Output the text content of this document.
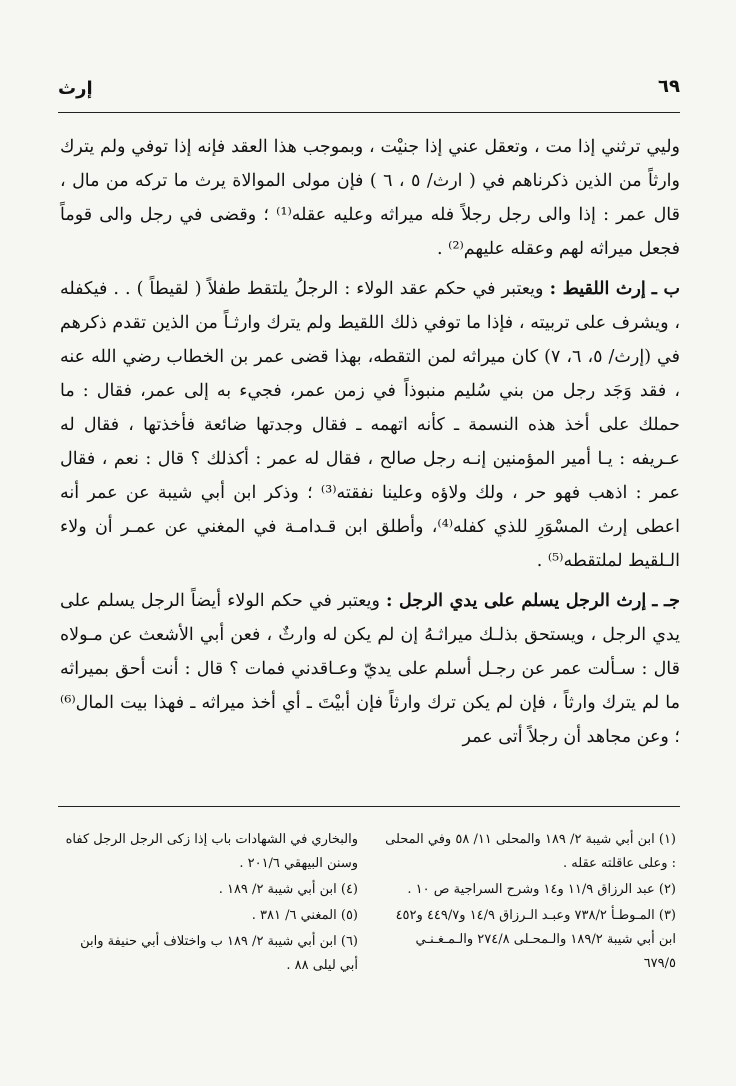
إرث	٦٩

وليي ترثني إذا مت ، وتعقل عني إذا جنيْت ، وبموجب هذا العقد فإنه إذا توفي ولم يترك وارثاً من الذين ذكرناهم في ( ارث/ ٥ ، ٦ ) فإن مولى الموالاة يرث ما تركه من مال ، قال عمر : إذا والى رجل رجلاً فله ميراثه وعليه عقله⁽¹⁾ ؛ وقضى في رجل والى قوماً فجعل ميراثه لهم وعقله عليهم⁽²⁾ .

ب ـ إرث اللقيط : ويعتبر في حكم عقد الولاء : الرجلُ يلتقط طفلاً ( لقيطاً ) . . فيكفله ، ويشرف على تربيته ، فإذا ما توفي ذلك اللقيط ولم يترك وارثـاً من الذين تقدم ذكرهم في (إرث/ ٥، ٦، ٧) كان ميراثه لمن التقطه، بهذا قضى عمر بن الخطاب رضي الله عنه ، فقد وَجَد رجل من بني سُليم منبوذاً في زمن عمر، فجيء به إلى عمر، فقال : ما حملك على أخذ هذه النسمة ـ كأنه اتهمه ـ فقال وجدتها ضائعة فأخذتها ، فقال له عـريفه : يـا أمير المؤمنين إنـه رجل صالح ، فقال له عمر : أكذلك ؟ قال : نعم ، فقال عمر : اذهب فهو حر ، ولك ولاؤه وعلينا نفقته⁽³⁾ ؛ وذكر ابن أبي شيبة عن عمر أنه اعطى إرث المسْوَرِ للذي كفله⁽⁴⁾، وأطلق ابن قـدامـة في المغني عن عمـر أن ولاء الـلقيط لملتقطه⁽⁵⁾ .

جـ ـ إرث الرجل يسلم على يدي الرجل : ويعتبر في حكم الولاء أيضاً الرجل يسلم على يدي الرجل ، ويستحق بذلـك ميراثـهُ إن لم يكن له وارثٌ ، فعن أبي الأشعث عن مـولاه قال : سـألت عمر عن رجـل أسلم على يديّ وعـاقدني فمات ؟ قال : أنت أحق بميراثه ما لم يترك وارثاً ، فإن لم يكن ترك وارثاً فإن أبيْتَ ـ أي أخذ ميراثه ـ فهذا بيت المال⁽⁶⁾ ؛ وعن مجاهد أن رجلاً أتى عمر

(١) ابن أبي شيبة ٢/ ١٨٩ والمحلى ١١/ ٥٨ وفي المحلى : وعلى عاقلته عقله .

(٢) عبد الرزاق ١١/٩ و١٤ وشرح السراجية ص ١٠ .

(٣) المـوطـأ ٧٣٨/٢ وعبـد الـرزاق ١٤/٩ و٤٤٩/٧ و٤٥٢ ابن أبي شيبة ١٨٩/٢ والـمحـلى ٢٧٤/٨ والـمـغـنـي ٦٧٩/٥

والبخاري في الشهادات باب إذا زكى الرجل الرجل كفاه وسنن البيهقي ٢٠١/٦ .

(٤) ابن أبي شيبة ٢/ ١٨٩ .

(٥) المغني ٦/ ٣٨١ .

(٦) ابن أبي شيبة ٢/ ١٨٩ ب واختلاف أبي حنيفة وابن أبي ليلى ٨٨ .
